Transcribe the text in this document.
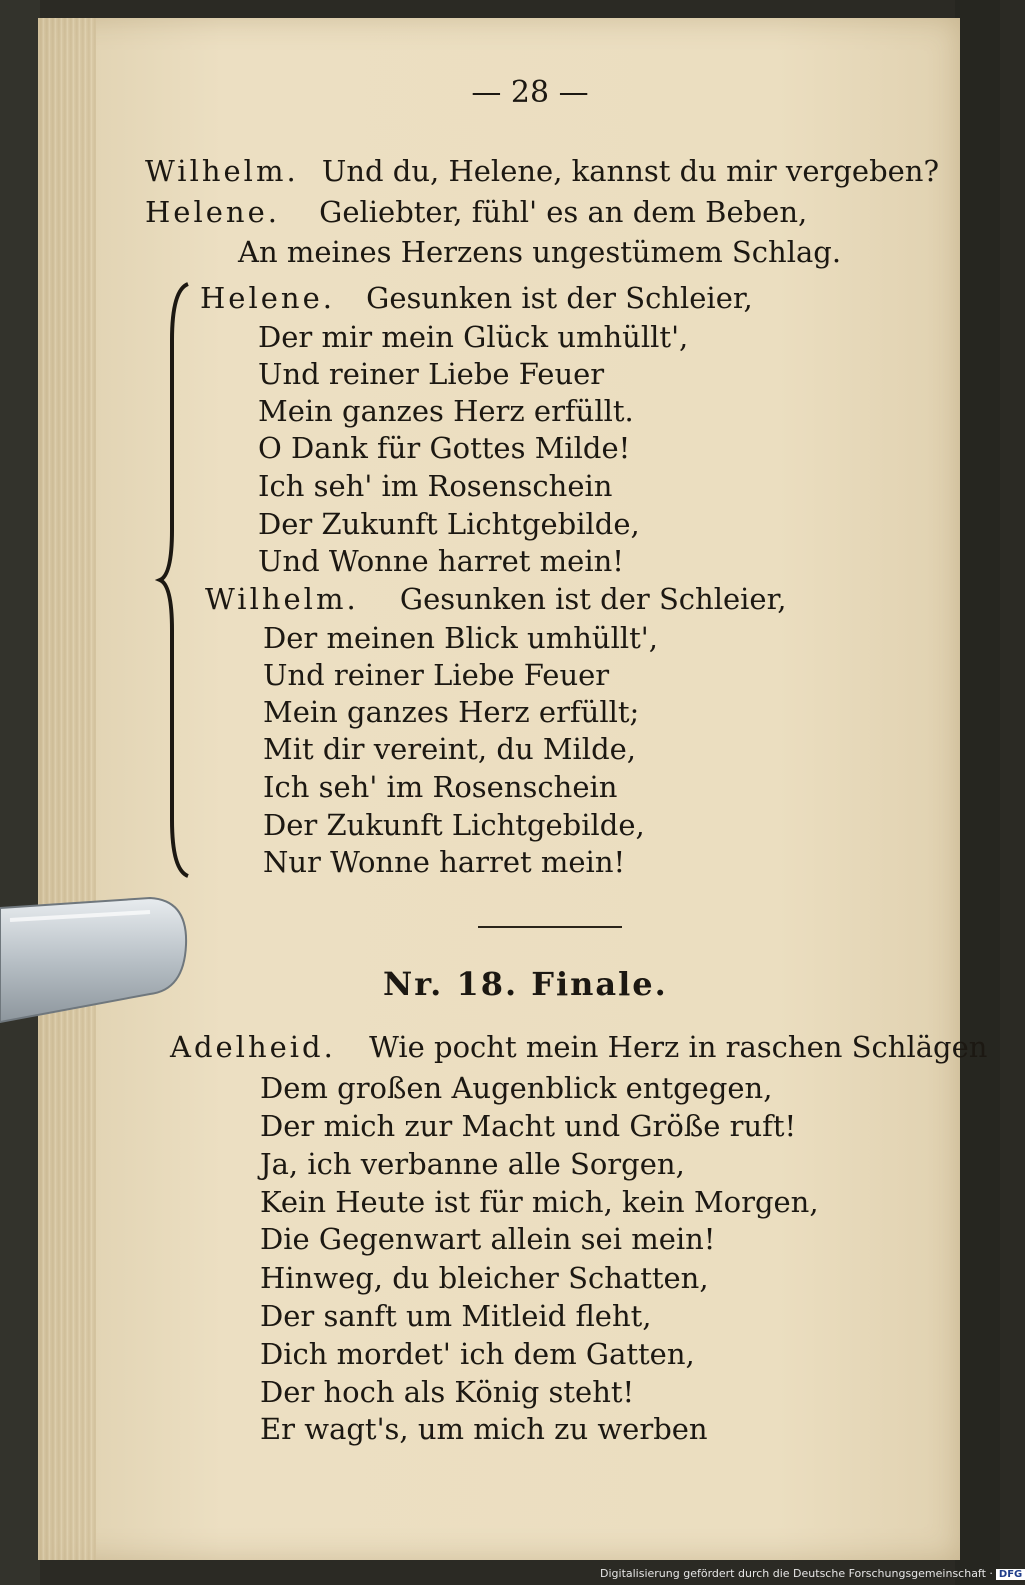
— 28 —
Wilhelm. Und du, Helene, kannst du mir vergeben?
Helene. Geliebter, fühl' es an dem Beben,
An meines Herzens ungestümem Schlag.
Helene. Gesunken ist der Schleier,
Der mir mein Glück umhüllt',
Und reiner Liebe Feuer
Mein ganzes Herz erfüllt.
O Dank für Gottes Milde!
Ich seh' im Rosenschein
Der Zukunft Lichtgebilde,
Und Wonne harret mein!
Wilhelm. Gesunken ist der Schleier,
Der meinen Blick umhüllt',
Und reiner Liebe Feuer
Mein ganzes Herz erfüllt;
Mit dir vereint, du Milde,
Ich seh' im Rosenschein
Der Zukunft Lichtgebilde,
Nur Wonne harret mein!
Nr. 18. Finale.
Adelheid. Wie pocht mein Herz in raschen Schlägen
Dem großen Augenblick entgegen,
Der mich zur Macht und Größe ruft!
Ja, ich verbanne alle Sorgen,
Kein Heute ist für mich, kein Morgen,
Die Gegenwart allein sei mein!
Hinweg, du bleicher Schatten,
Der sanft um Mitleid fleht,
Dich mordet' ich dem Gatten,
Der hoch als König steht!
Er wagt's, um mich zu werben
Digitalisierung gefördert durch die Deutsche Forschungsgemeinschaft · DFG
